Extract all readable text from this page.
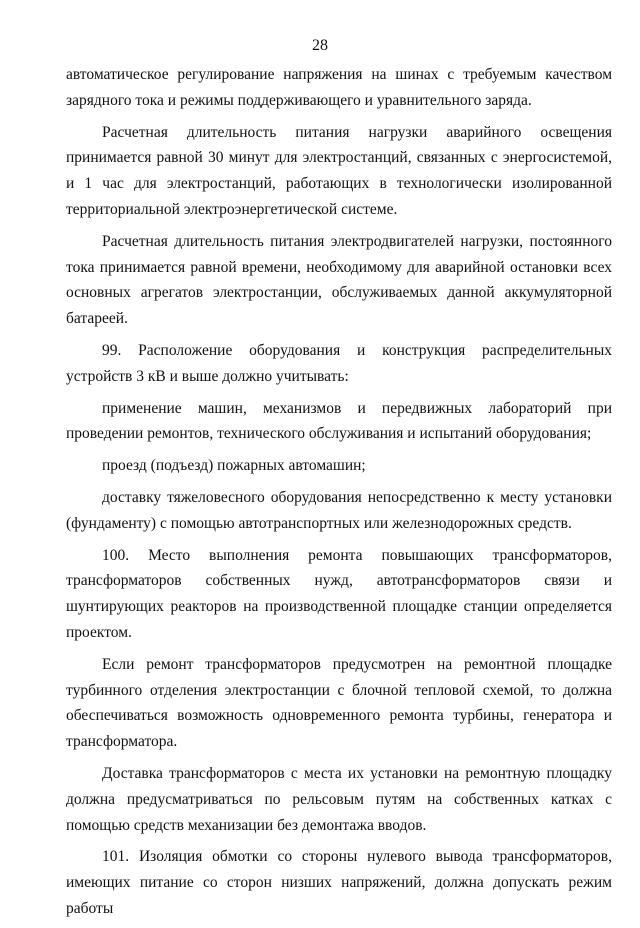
28

автоматическое регулирование напряжения на шинах с требуемым качеством зарядного тока и режимы поддерживающего и уравнительного заряда.

Расчетная длительность питания нагрузки аварийного освещения принимается равной 30 минут для электростанций, связанных с энергосистемой, и 1 час для электростанций, работающих в технологически изолированной территориальной электроэнергетической системе.

Расчетная длительность питания электродвигателей нагрузки, постоянного тока принимается равной времени, необходимому для аварийной остановки всех основных агрегатов электростанции, обслуживаемых данной аккумуляторной батареей.

99. Расположение оборудования и конструкция распределительных устройств 3 кВ и выше должно учитывать:

применение машин, механизмов и передвижных лабораторий при проведении ремонтов, технического обслуживания и испытаний оборудования;

проезд (подъезд) пожарных автомашин;

доставку тяжеловесного оборудования непосредственно к месту установки (фундаменту) с помощью автотранспортных или железнодорожных средств.

100. Место выполнения ремонта повышающих трансформаторов, трансформаторов собственных нужд, автотрансформаторов связи и шунтирующих реакторов на производственной площадке станции определяется проектом.

Если ремонт трансформаторов предусмотрен на ремонтной площадке турбинного отделения электростанции с блочной тепловой схемой, то должна обеспечиваться возможность одновременного ремонта турбины, генератора и трансформатора.

Доставка трансформаторов с места их установки на ремонтную площадку должна предусматриваться по рельсовым путям на собственных катках с помощью средств механизации без демонтажа вводов.

101. Изоляция обмотки со стороны нулевого вывода трансформаторов, имеющих питание со сторон низших напряжений, должна допускать режим работы
